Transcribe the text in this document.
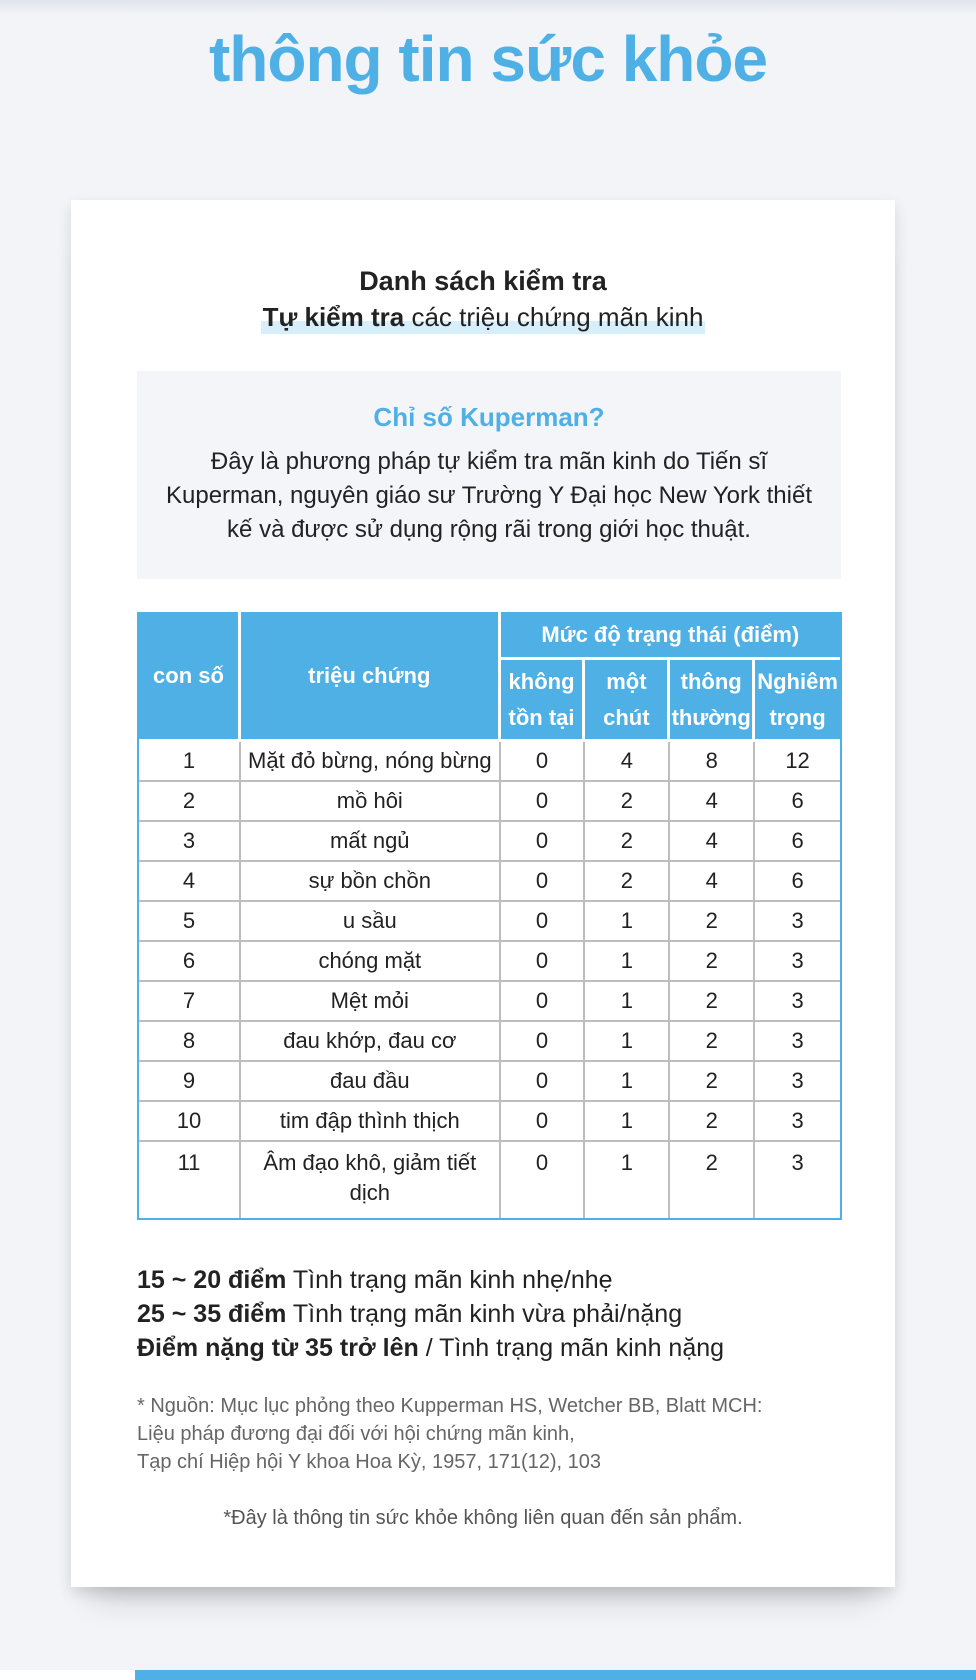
thông tin sức khỏe
Danh sách kiểm tra
Tự kiểm tra các triệu chứng mãn kinh
Chỉ số Kuperman?
Đây là phương pháp tự kiểm tra mãn kinh do Tiến sĩ Kuperman, nguyên giáo sư Trường Y Đại học New York thiết kế và được sử dụng rộng rãi trong giới học thuật.
con số	triệu chứng	Mức độ trạng thái (điểm)			
		không tồn tại	một chút	thông thường	Nghiêm trọng
1	Mặt đỏ bừng, nóng bừng	0	4	8	12
2	mồ hôi	0	2	4	6
3	mất ngủ	0	2	4	6
4	sự bồn chồn	0	2	4	6
5	u sầu	0	1	2	3
6	chóng mặt	0	1	2	3
7	Mệt mỏi	0	1	2	3
8	đau khớp, đau cơ	0	1	2	3
9	đau đầu	0	1	2	3
10	tim đập thình thịch	0	1	2	3
11	Âm đạo khô, giảm tiết dịch	0	1	2	3
15 ~ 20 điểm Tình trạng mãn kinh nhẹ/nhẹ
25 ~ 35 điểm Tình trạng mãn kinh vừa phải/nặng
Điểm nặng từ 35 trở lên / Tình trạng mãn kinh nặng
* Nguồn: Mục lục phỏng theo Kupperman HS, Wetcher BB, Blatt MCH:
Liệu pháp đương đại đối với hội chứng mãn kinh,
Tạp chí Hiệp hội Y khoa Hoa Kỳ, 1957, 171(12), 103
*Đây là thông tin sức khỏe không liên quan đến sản phẩm.
